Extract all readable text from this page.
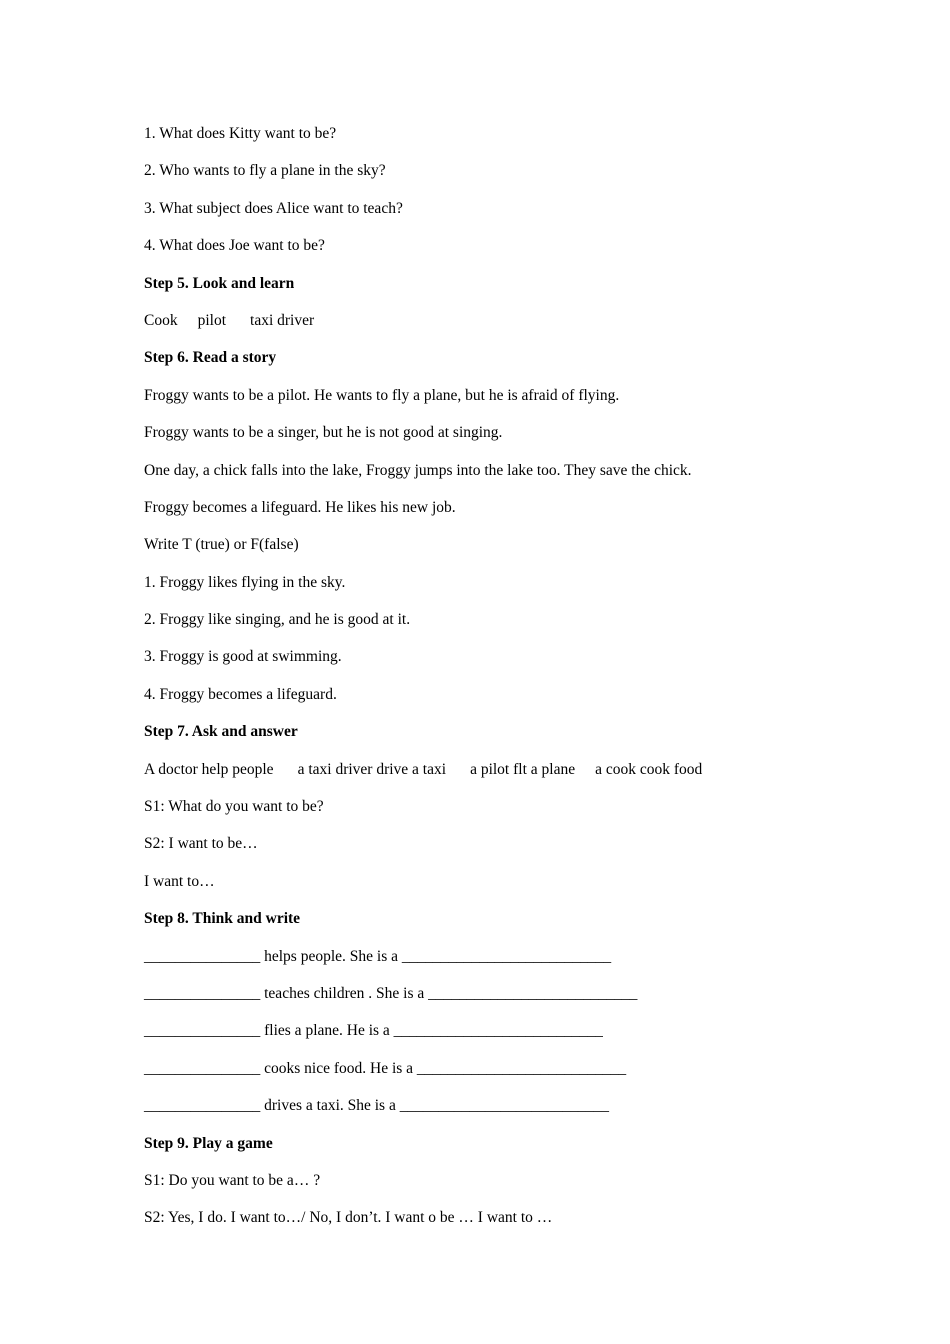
1. What does Kitty want to be?
2. Who wants to fly a plane in the sky?
3. What subject does Alice want to teach?
4. What does Joe want to be?
Step 5. Look and learn
Cook pilot taxi driver
Step 6. Read a story
Froggy wants to be a pilot. He wants to fly a plane, but he is afraid of flying.
Froggy wants to be a singer, but he is not good at singing.
One day, a chick falls into the lake, Froggy jumps into the lake too. They save the chick.
Froggy becomes a lifeguard. He likes his new job.
Write T (true) or F(false)
1. Froggy likes flying in the sky.
2. Froggy like singing, and he is good at it.
3. Froggy is good at swimming.
4. Froggy becomes a lifeguard.
Step 7. Ask and answer
A doctor help people a taxi driver drive a taxi a pilot flt a plane a cook cook food
S1: What do you want to be?
S2: I want to be…
I want to…
Step 8. Think and write
_______________ helps people. She is a ___________________________
_______________ teaches children . She is a ___________________________
_______________ flies a plane. He is a ___________________________
_______________ cooks nice food. He is a ___________________________
_______________ drives a taxi. She is a ___________________________
Step 9. Play a game
S1: Do you want to be a… ?
S2: Yes, I do. I want to…/ No, I don’t. I want o be … I want to …
